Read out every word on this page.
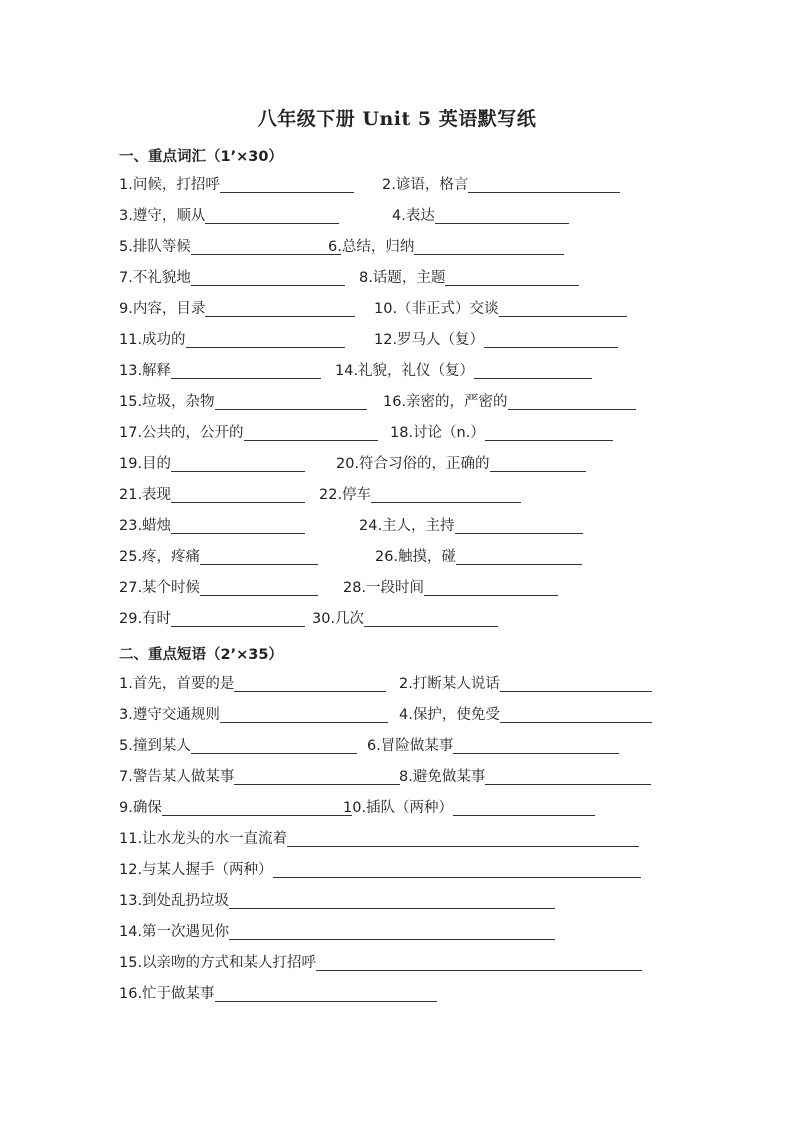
八年级下册 Unit 5 英语默写纸
一、重点词汇（1’×30）
1.问候，打招呼	2.谚语，格言
3.遵守，顺从	4.表达
5.排队等候	6.总结，归纳
7.不礼貌地	8.话题，主题
9.内容，目录	10.（非正式）交谈
11.成功的	12.罗马人（复）
13.解释	14.礼貌，礼仪（复）
15.垃圾，杂物	16.亲密的，严密的
17.公共的，公开的	18.讨论（n.）
19.目的	20.符合习俗的，正确的
21.表现	22.停车
23.蜡烛	24.主人，主持
25.疼，疼痛	26.触摸，碰
27.某个时候	28.一段时间
29.有时	30.几次
二、重点短语（2’×35）
1.首先，首要的是	2.打断某人说话
3.遵守交通规则	4.保护，使免受
5.撞到某人	6.冒险做某事
7.警告某人做某事	8.避免做某事
9.确保	10.插队（两种）
11.让水龙头的水一直流着
12.与某人握手（两种）
13.到处乱扔垃圾
14.第一次遇见你
15.以亲吻的方式和某人打招呼
16.忙于做某事
